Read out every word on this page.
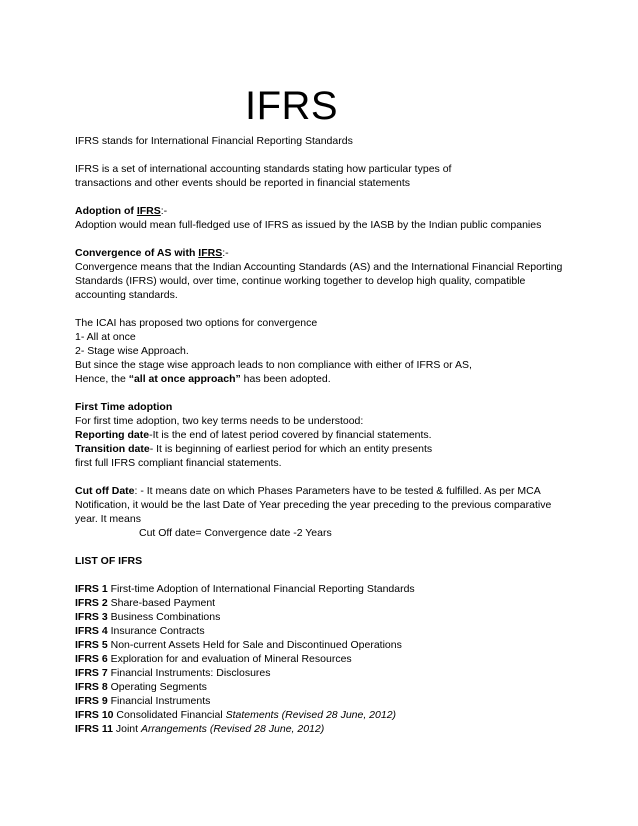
IFRS

IFRS stands for International Financial Reporting Standards

IFRS is a set of international accounting standards stating how particular types of

transactions and other events should be reported in financial statements

Adoption of IFRS:-

Adoption would mean full-fledged use of IFRS as issued by the IASB by the Indian public companies

Convergence of AS with IFRS:-

Convergence means that the Indian Accounting Standards (AS) and the International Financial Reporting

Standards (IFRS) would, over time, continue working together to develop high quality, compatible

accounting standards.

The ICAI has proposed two options for convergence

1- All at once

2- Stage wise Approach.

But since the stage wise approach leads to non compliance with either of IFRS or AS,

Hence, the “all at once approach” has been adopted.

First Time adoption

For first time adoption, two key terms needs to be understood:

Reporting date-It is the end of latest period covered by financial statements.

Transition date- It is beginning of earliest period for which an entity presents

first full IFRS compliant financial statements.

Cut off Date: - It means date on which Phases Parameters have to be tested & fulfilled. As per MCA

Notification, it would be the last Date of Year preceding the year preceding to the previous comparative

year. It means

Cut Off date= Convergence date -2 Years

LIST OF IFRS

IFRS 1 First-time Adoption of International Financial Reporting Standards

IFRS 2 Share-based Payment

IFRS 3 Business Combinations

IFRS 4 Insurance Contracts

IFRS 5 Non-current Assets Held for Sale and Discontinued Operations

IFRS 6 Exploration for and evaluation of Mineral Resources

IFRS 7 Financial Instruments: Disclosures

IFRS 8 Operating Segments

IFRS 9 Financial Instruments

IFRS 10 Consolidated Financial Statements (Revised 28 June, 2012)

IFRS 11 Joint Arrangements (Revised 28 June, 2012)
